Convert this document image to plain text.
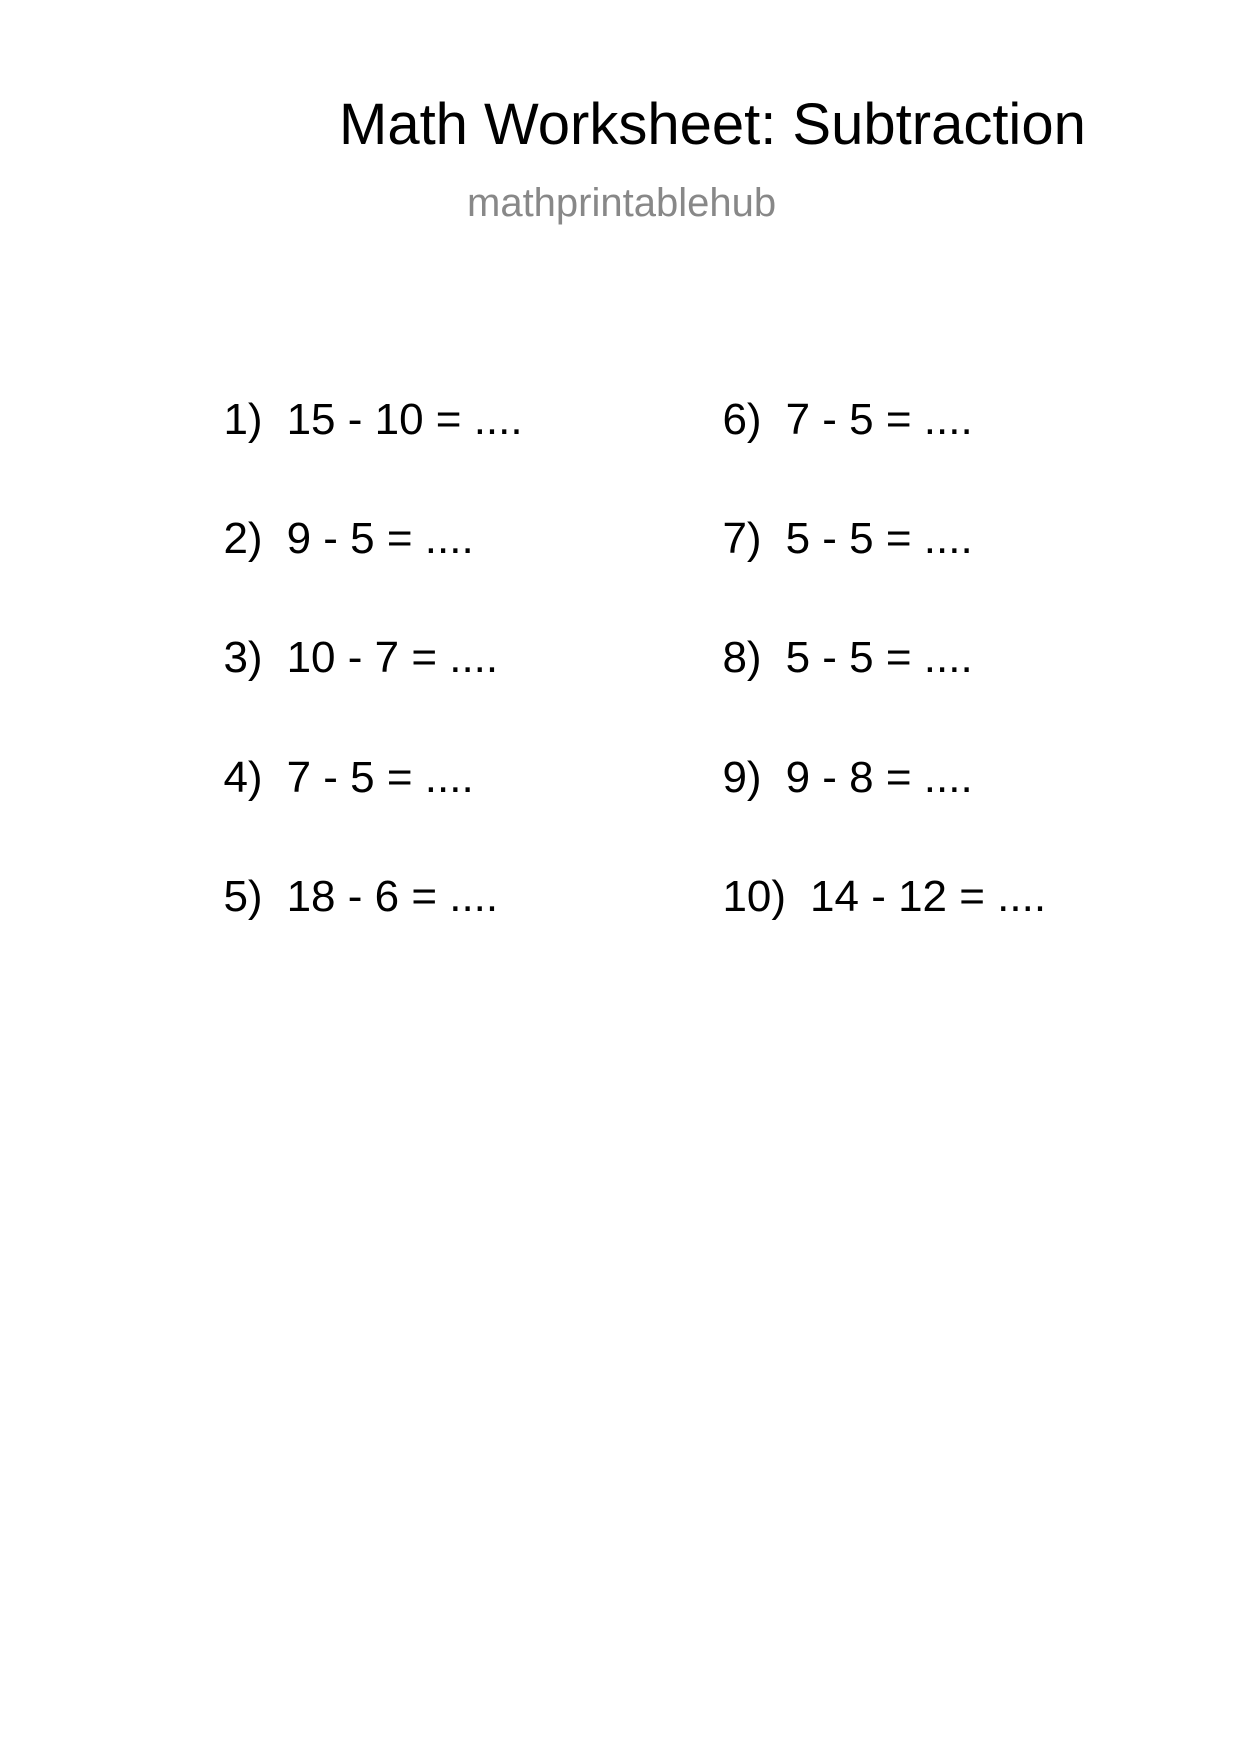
Math Worksheet: Subtraction
mathprintablehub

1) 15 - 10 = ....

2) 9 - 5 = ....

3) 10 - 7 = ....

4) 7 - 5 = ....

5) 18 - 6 = ....

6) 7 - 5 = ....

7) 5 - 5 = ....

8) 5 - 5 = ....

9) 9 - 8 = ....

10) 14 - 12 = ....
